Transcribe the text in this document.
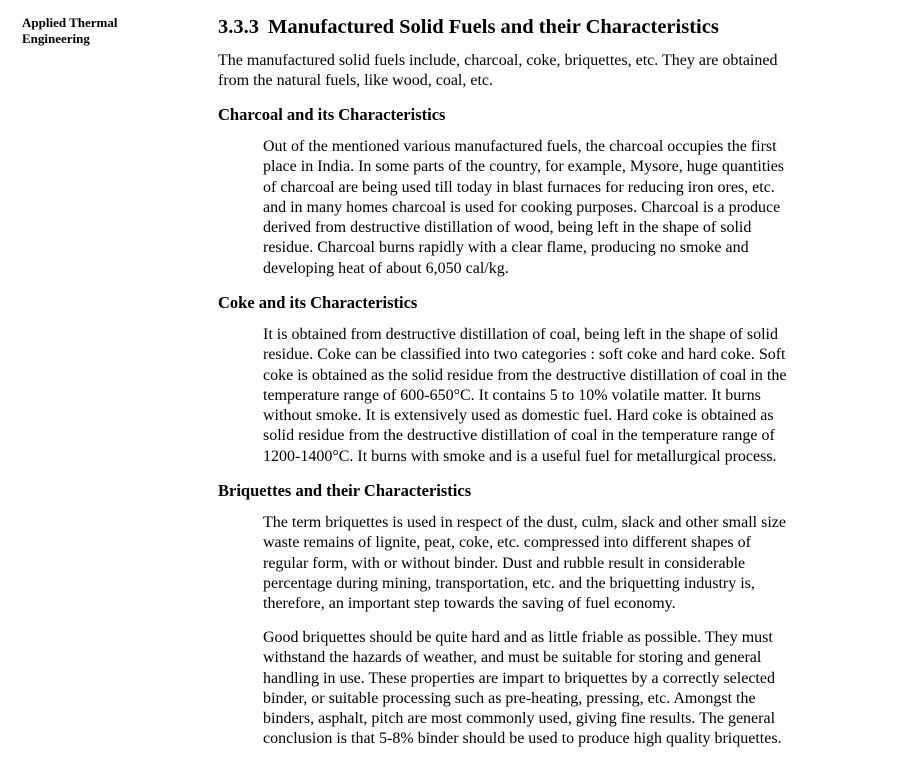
Applied Thermal
Engineering
3.3.3 Manufactured Solid Fuels and their Characteristics

The manufactured solid fuels include, charcoal, coke, briquettes, etc. They are obtained
from the natural fuels, like wood, coal, etc.

Charcoal and its Characteristics

Out of the mentioned various manufactured fuels, the charcoal occupies the first
place in India. In some parts of the country, for example, Mysore, huge quantities
of charcoal are being used till today in blast furnaces for reducing iron ores, etc.
and in many homes charcoal is used for cooking purposes. Charcoal is a produce
derived from destructive distillation of wood, being left in the shape of solid
residue. Charcoal burns rapidly with a clear flame, producing no smoke and
developing heat of about 6,050 cal/kg.

Coke and its Characteristics

It is obtained from destructive distillation of coal, being left in the shape of solid
residue. Coke can be classified into two categories : soft coke and hard coke. Soft
coke is obtained as the solid residue from the destructive distillation of coal in the
temperature range of 600-650°C. It contains 5 to 10% volatile matter. It burns
without smoke. It is extensively used as domestic fuel. Hard coke is obtained as
solid residue from the destructive distillation of coal in the temperature range of
1200-1400°C. It burns with smoke and is a useful fuel for metallurgical process.

Briquettes and their Characteristics

The term briquettes is used in respect of the dust, culm, slack and other small size
waste remains of lignite, peat, coke, etc. compressed into different shapes of
regular form, with or without binder. Dust and rubble result in considerable
percentage during mining, transportation, etc. and the briquetting industry is,
therefore, an important step towards the saving of fuel economy.

Good briquettes should be quite hard and as little friable as possible. They must
withstand the hazards of weather, and must be suitable for storing and general
handling in use. These properties are impart to briquettes by a correctly selected
binder, or suitable processing such as pre-heating, pressing, etc. Amongst the
binders, asphalt, pitch are most commonly used, giving fine results. The general
conclusion is that 5-8% binder should be used to produce high quality briquettes.
